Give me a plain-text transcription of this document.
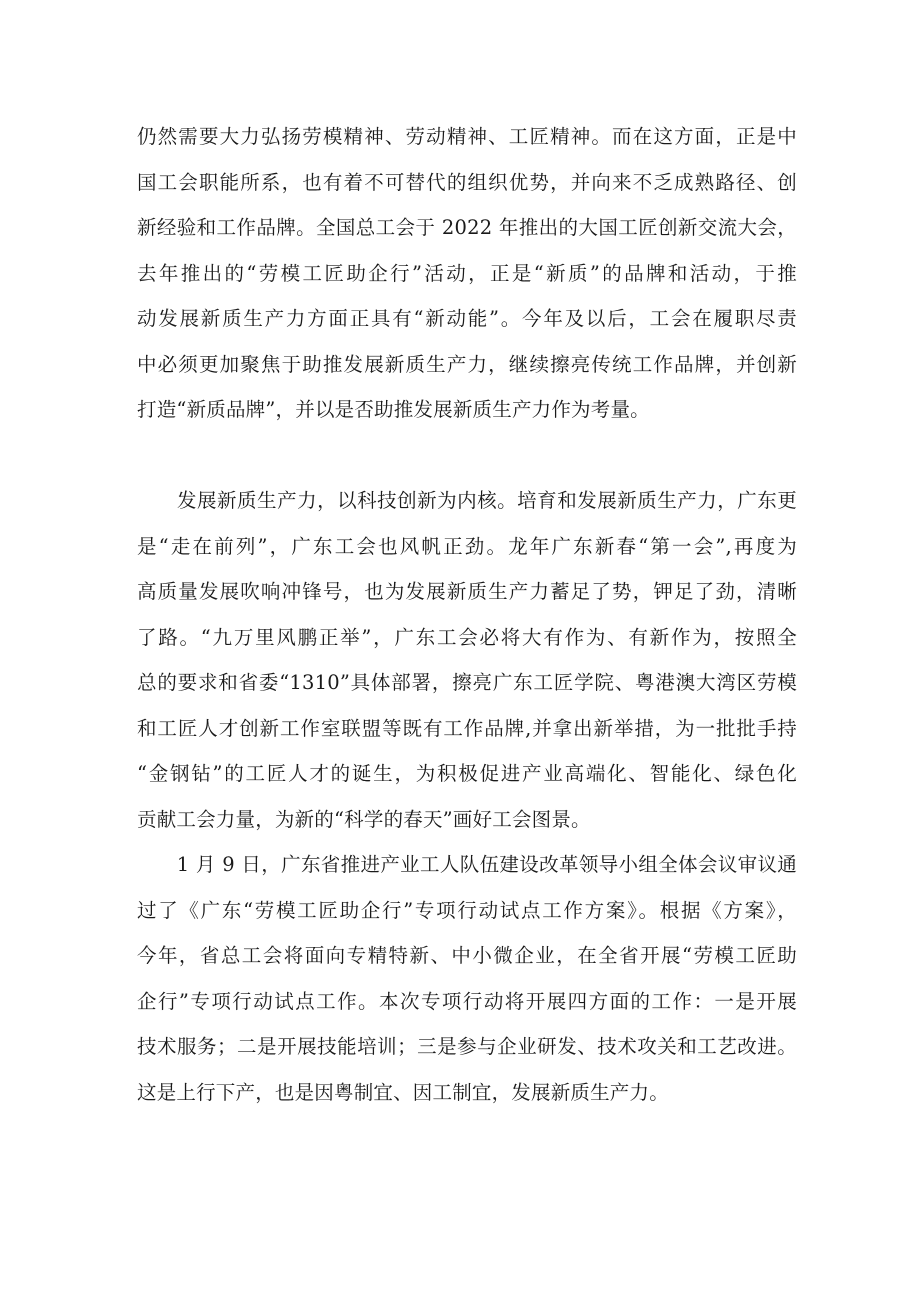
仍然需要大力弘扬劳模精神、劳动精神、工匠精神。而在这方面，正是中
国工会职能所系，也有着不可替代的组织优势，并向来不乏成熟路径、创
新经验和工作品牌。全国总工会于 2022 年推出的大国工匠创新交流大会，
去年推出的“劳模工匠助企行”活动，正是“新质”的品牌和活动，于推
动发展新质生产力方面正具有“新动能”。今年及以后，工会在履职尽责
中必须更加聚焦于助推发展新质生产力，继续擦亮传统工作品牌，并创新
打造“新质品牌”，并以是否助推发展新质生产力作为考量。
　　发展新质生产力，以科技创新为内核。培育和发展新质生产力，广东更
是“走在前列”，广东工会也风帆正劲。龙年广东新春“第一会”,再度为
高质量发展吹响冲锋号，也为发展新质生产力蓄足了势，钾足了劲，清晰
了路。“九万里风鹏正举”，广东工会必将大有作为、有新作为，按照全
总的要求和省委“1310”具体部署，擦亮广东工匠学院、粤港澳大湾区劳模
和工匠人才创新工作室联盟等既有工作品牌,并拿出新举措，为一批批手持
“金钢钻”的工匠人才的诞生，为积极促进产业高端化、智能化、绿色化
贡献工会力量，为新的“科学的春天”画好工会图景。
　　1 月 9 日，广东省推进产业工人队伍建设改革领导小组全体会议审议通
过了《广东“劳模工匠助企行”专项行动试点工作方案》。根据《方案》，
今年，省总工会将面向专精特新、中小微企业，在全省开展“劳模工匠助
企行”专项行动试点工作。本次专项行动将开展四方面的工作：一是开展
技术服务；二是开展技能培训；三是参与企业研发、技术攻关和工艺改进。
这是上行下产，也是因粤制宜、因工制宜，发展新质生产力。
